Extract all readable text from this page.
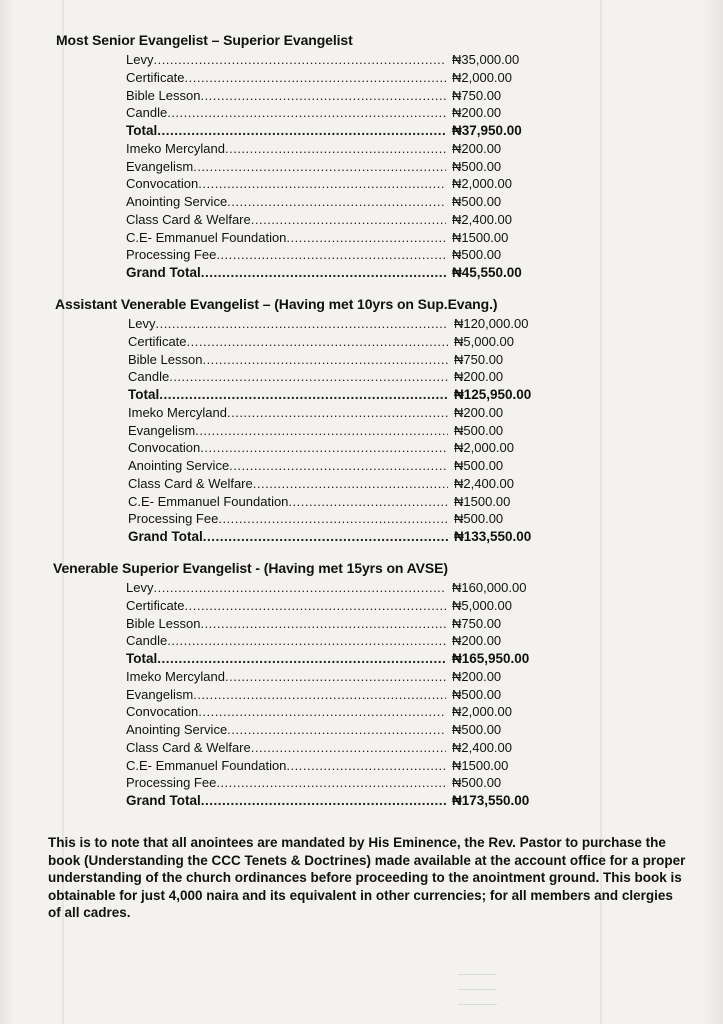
Most Senior Evangelist – Superior Evangelist
Levy .....	₦35,000.00
Certificate .....	₦2,000.00
Bible Lesson .....	₦750.00
Candle .....	₦200.00
Total .....	₦37,950.00
Imeko Mercyland .....	₦200.00
Evangelism .....	₦500.00
Convocation .....	₦2,000.00
Anointing Service .....	₦500.00
Class Card & Welfare .....	₦2,400.00
C.E- Emmanuel Foundation .....	₦1500.00
Processing Fee .....	₦500.00
Grand Total .....	₦45,550.00
Assistant Venerable Evangelist – (Having met 10yrs on Sup.Evang.)
Levy .....	₦120,000.00
Certificate .....	₦5,000.00
Bible Lesson .....	₦750.00
Candle .....	₦200.00
Total .....	₦125,950.00
Imeko Mercyland .....	₦200.00
Evangelism .....	₦500.00
Convocation .....	₦2,000.00
Anointing Service .....	₦500.00
Class Card & Welfare .....	₦2,400.00
C.E- Emmanuel Foundation .....	₦1500.00
Processing Fee .....	₦500.00
Grand Total .....	₦133,550.00
Venerable Superior Evangelist - (Having met 15yrs on AVSE)
Levy .....	₦160,000.00
Certificate .....	₦5,000.00
Bible Lesson .....	₦750.00
Candle .....	₦200.00
Total .....	₦165,950.00
Imeko Mercyland .....	₦200.00
Evangelism .....	₦500.00
Convocation .....	₦2,000.00
Anointing Service .....	₦500.00
Class Card & Welfare .....	₦2,400.00
C.E- Emmanuel Foundation .....	₦1500.00
Processing Fee .....	₦500.00
Grand Total .....	₦173,550.00
This is to note that all anointees are mandated by His Eminence, the Rev. Pastor to purchase the book (Understanding the CCC Tenets & Doctrines) made available at the account office for a proper understanding of the church ordinances before proceeding to the anointment ground. This book is obtainable for just 4,000 naira and its equivalent in other currencies; for all members and clergies of all cadres.
─────
─────
─────
